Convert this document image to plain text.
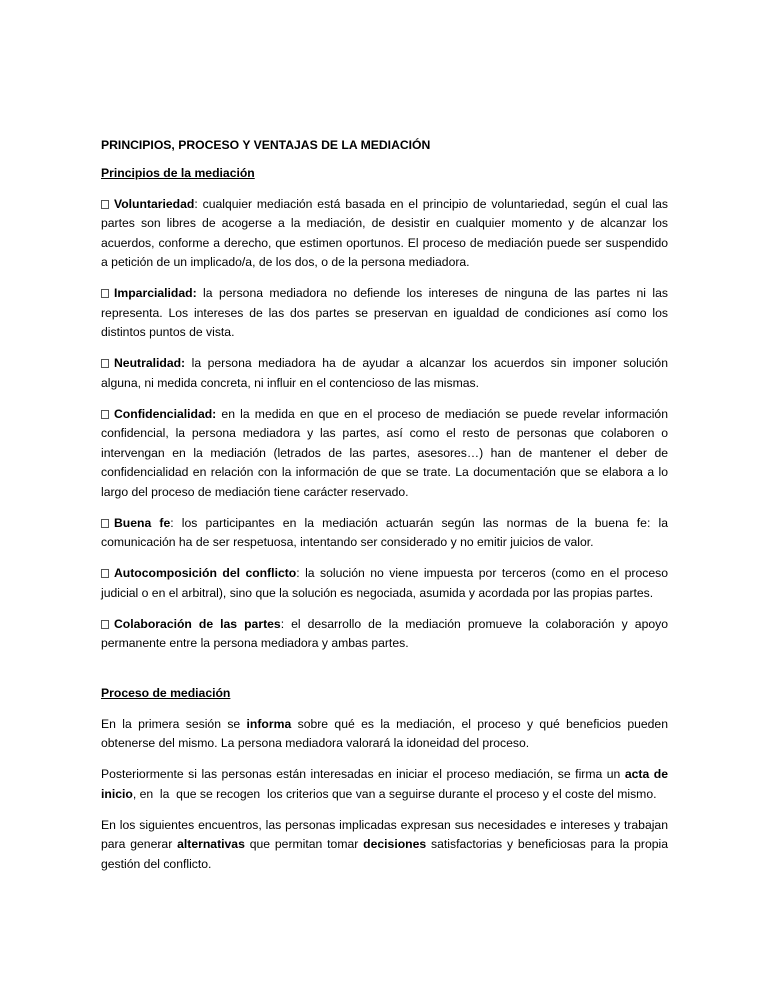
PRINCIPIOS, PROCESO Y VENTAJAS DE LA MEDIACIÓN

Principios de la mediación

Voluntariedad: cualquier mediación está basada en el principio de voluntariedad, según el cual las partes son libres de acogerse a la mediación, de desistir en cualquier momento y de alcanzar los acuerdos, conforme a derecho, que estimen oportunos. El proceso de mediación puede ser suspendido a petición de un implicado/a, de los dos, o de la persona mediadora.

Imparcialidad: la persona mediadora no defiende los intereses de ninguna de las partes ni las representa. Los intereses de las dos partes se preservan en igualdad de condiciones así como los distintos puntos de vista.

Neutralidad: la persona mediadora ha de ayudar a alcanzar los acuerdos sin imponer solución alguna, ni medida concreta, ni influir en el contencioso de las mismas.

Confidencialidad: en la medida en que en el proceso de mediación se puede revelar información confidencial, la persona mediadora y las partes, así como el resto de personas que colaboren o intervengan en la mediación (letrados de las partes, asesores…) han de mantener el deber de confidencialidad en relación con la información de que se trate. La documentación que se elabora a lo largo del proceso de mediación tiene carácter reservado.

Buena fe: los participantes en la mediación actuarán según las normas de la buena fe: la comunicación ha de ser respetuosa, intentando ser considerado y no emitir juicios de valor.

Autocomposición del conflicto: la solución no viene impuesta por terceros (como en el proceso judicial o en el arbitral), sino que la solución es negociada, asumida y acordada por las propias partes.

Colaboración de las partes: el desarrollo de la mediación promueve la colaboración y apoyo permanente entre la persona mediadora y ambas partes.

Proceso de mediación

En la primera sesión se informa sobre qué es la mediación, el proceso y qué beneficios pueden obtenerse del mismo. La persona mediadora valorará la idoneidad del proceso.

Posteriormente si las personas están interesadas en iniciar el proceso mediación, se firma un acta de inicio, en  la  que se recogen  los criterios que van a seguirse durante el proceso y el coste del mismo.

En los siguientes encuentros, las personas implicadas expresan sus necesidades e intereses y trabajan para generar alternativas que permitan tomar decisiones satisfactorias y beneficiosas para la propia gestión del conflicto.
